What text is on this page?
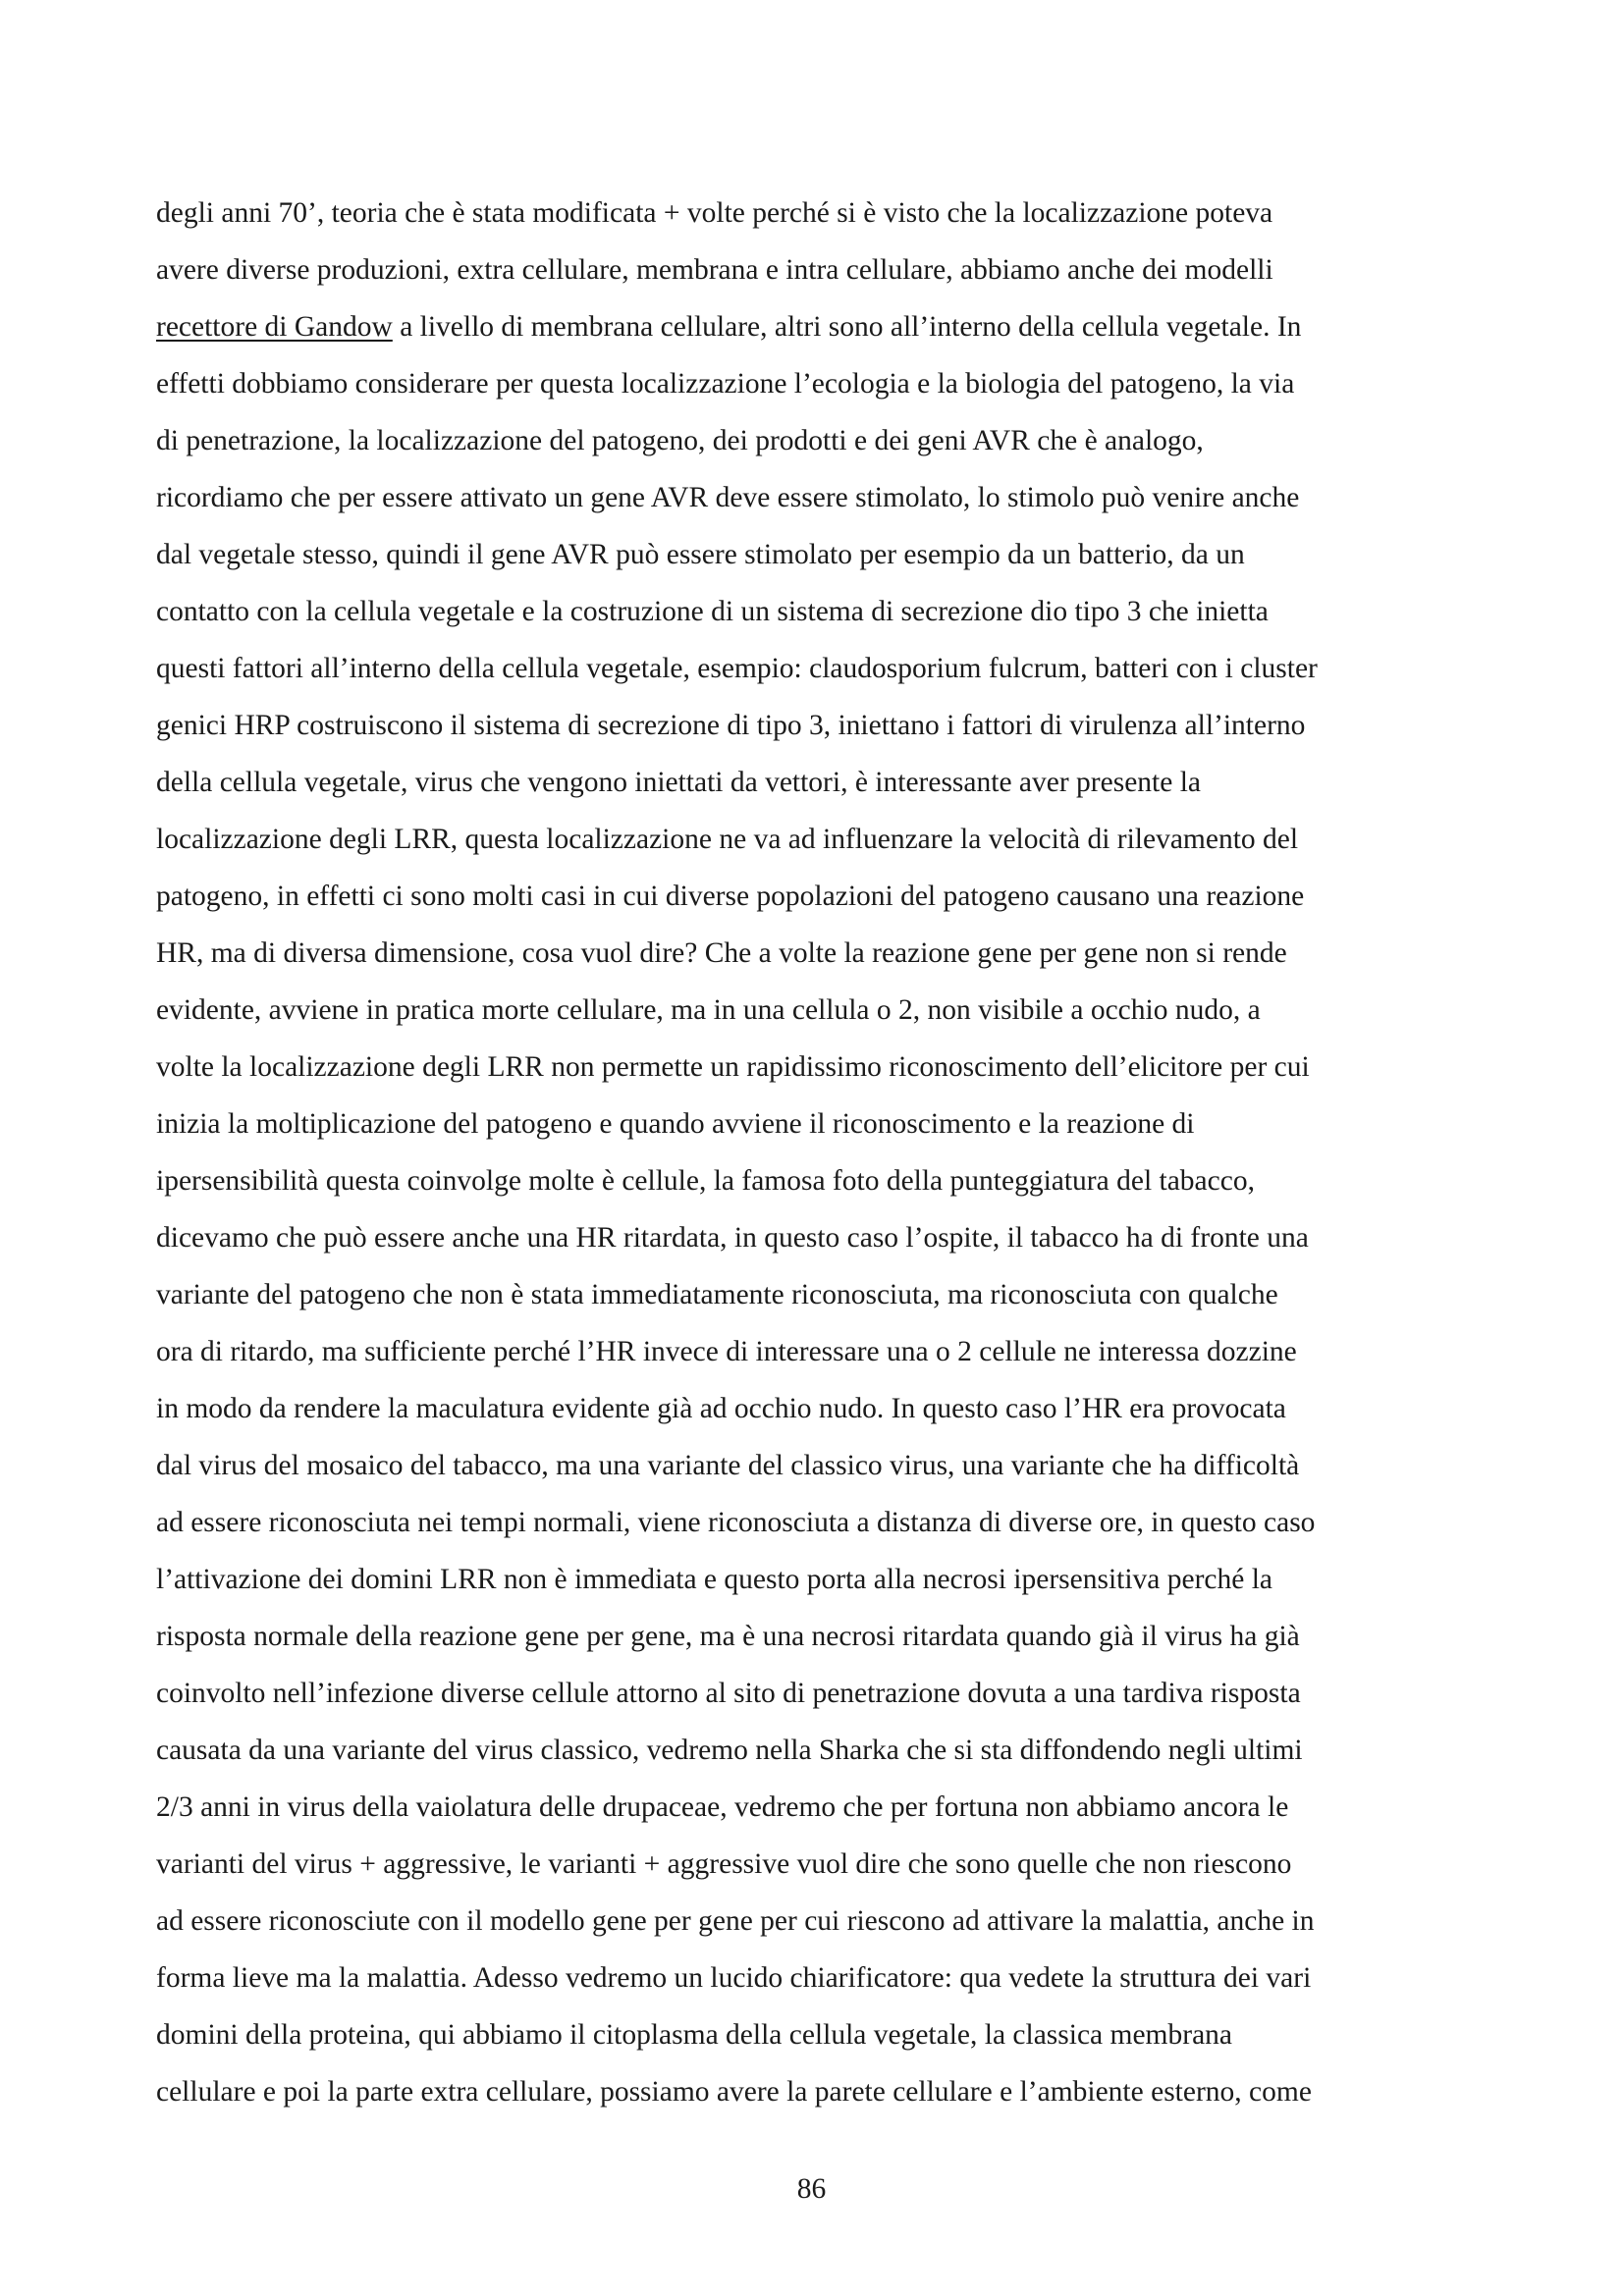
degli anni 70’, teoria che è stata modificata + volte perché si è visto che la localizzazione poteva
avere diverse produzioni, extra cellulare, membrana e intra cellulare, abbiamo anche dei modelli
recettore di Gandow a livello di membrana cellulare, altri sono all’interno della cellula vegetale. In
effetti dobbiamo considerare per questa localizzazione l’ecologia e la biologia del patogeno, la via
di penetrazione, la localizzazione del patogeno, dei prodotti e dei geni AVR che è analogo,
ricordiamo che per essere attivato un gene AVR deve essere stimolato, lo stimolo può venire anche
dal vegetale stesso, quindi il gene AVR può essere stimolato per esempio da un batterio, da un
contatto con la cellula vegetale e la costruzione di un sistema di secrezione dio tipo 3 che inietta
questi fattori all’interno della cellula vegetale, esempio: claudosporium fulcrum, batteri con i cluster
genici HRP costruiscono il sistema di secrezione di tipo 3, iniettano i fattori di virulenza all’interno
della cellula vegetale, virus che vengono iniettati da vettori, è interessante aver presente la
localizzazione degli LRR, questa localizzazione ne va ad influenzare la velocità di rilevamento del
patogeno, in effetti ci sono molti casi in cui diverse popolazioni del patogeno causano una reazione
HR, ma di diversa dimensione, cosa vuol dire? Che a volte la reazione gene per gene non si rende
evidente, avviene in pratica morte cellulare, ma in una cellula o 2, non visibile a occhio nudo, a
volte la localizzazione degli LRR non permette un rapidissimo riconoscimento dell’elicitore per cui
inizia la moltiplicazione del patogeno e quando avviene il riconoscimento e la reazione di
ipersensibilità questa coinvolge molte è cellule, la famosa foto della punteggiatura del tabacco,
dicevamo che può essere anche una HR ritardata, in questo caso l’ospite, il tabacco ha di fronte una
variante del patogeno che non è stata immediatamente riconosciuta, ma riconosciuta con qualche
ora di ritardo, ma sufficiente perché l’HR invece di interessare una o 2 cellule ne interessa dozzine
in modo da rendere la maculatura evidente già ad occhio nudo. In questo caso l’HR era provocata
dal virus del mosaico del tabacco, ma una variante del classico virus, una variante che ha difficoltà
ad essere riconosciuta nei tempi normali, viene riconosciuta a distanza di diverse ore, in questo caso
l’attivazione dei domini LRR non è immediata e questo porta alla necrosi ipersensitiva perché la
risposta normale della reazione gene per gene, ma è una necrosi ritardata quando già il virus ha già
coinvolto nell’infezione diverse cellule attorno al sito di penetrazione dovuta a una tardiva risposta
causata da una variante del virus classico, vedremo nella Sharka che si sta diffondendo negli ultimi
2/3 anni in virus della vaiolatura delle drupaceae, vedremo che per fortuna non abbiamo ancora le
varianti del virus + aggressive, le varianti + aggressive vuol dire che sono quelle che non riescono
ad essere riconosciute con il modello gene per gene per cui riescono ad attivare la malattia, anche in
forma lieve ma la malattia. Adesso vedremo un lucido chiarificatore: qua vedete la struttura dei vari
domini della proteina, qui abbiamo il citoplasma della cellula vegetale, la classica membrana
cellulare e poi la parte extra cellulare, possiamo avere la parete cellulare e l’ambiente esterno, come
86
